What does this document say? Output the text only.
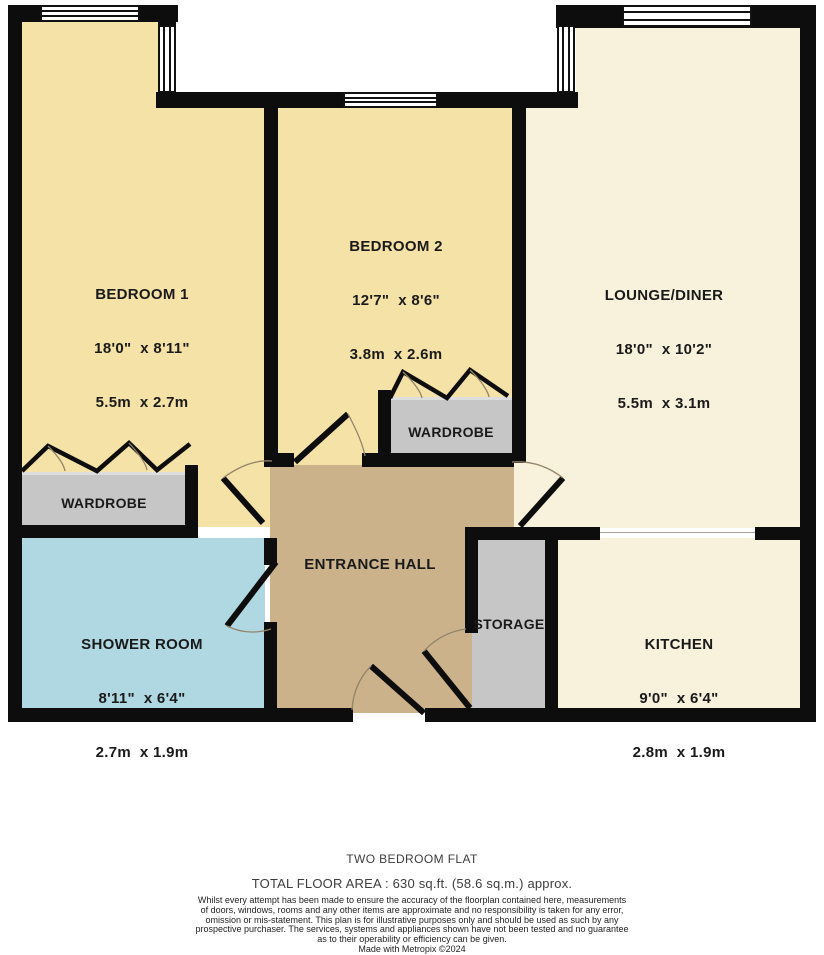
BEDROOM 1

18'0"  x 8'11"

5.5m  x 2.7m

BEDROOM 2

12'7"  x 8'6"

3.8m  x 2.6m

LOUNGE/DINER

18'0"  x 10'2"

5.5m  x 3.1m

SHOWER ROOM

8'11"  x 6'4"

2.7m  x 1.9m

KITCHEN

9'0"  x 6'4"

2.8m  x 1.9m

ENTRANCE HALL
WARDROBE
WARDROBE
STORAGE
TWO BEDROOM FLAT
TOTAL FLOOR AREA : 630 sq.ft. (58.6 sq.m.) approx.
Whilst every attempt has been made to ensure the accuracy of the floorplan contained here, measurements
of doors, windows, rooms and any other items are approximate and no responsibility is taken for any error,
omission or mis-statement. This plan is for illustrative purposes only and should be used as such by any
prospective purchaser. The services, systems and appliances shown have not been tested and no guarantee
as to their operability or efficiency can be given.
Made with Metropix ©2024
